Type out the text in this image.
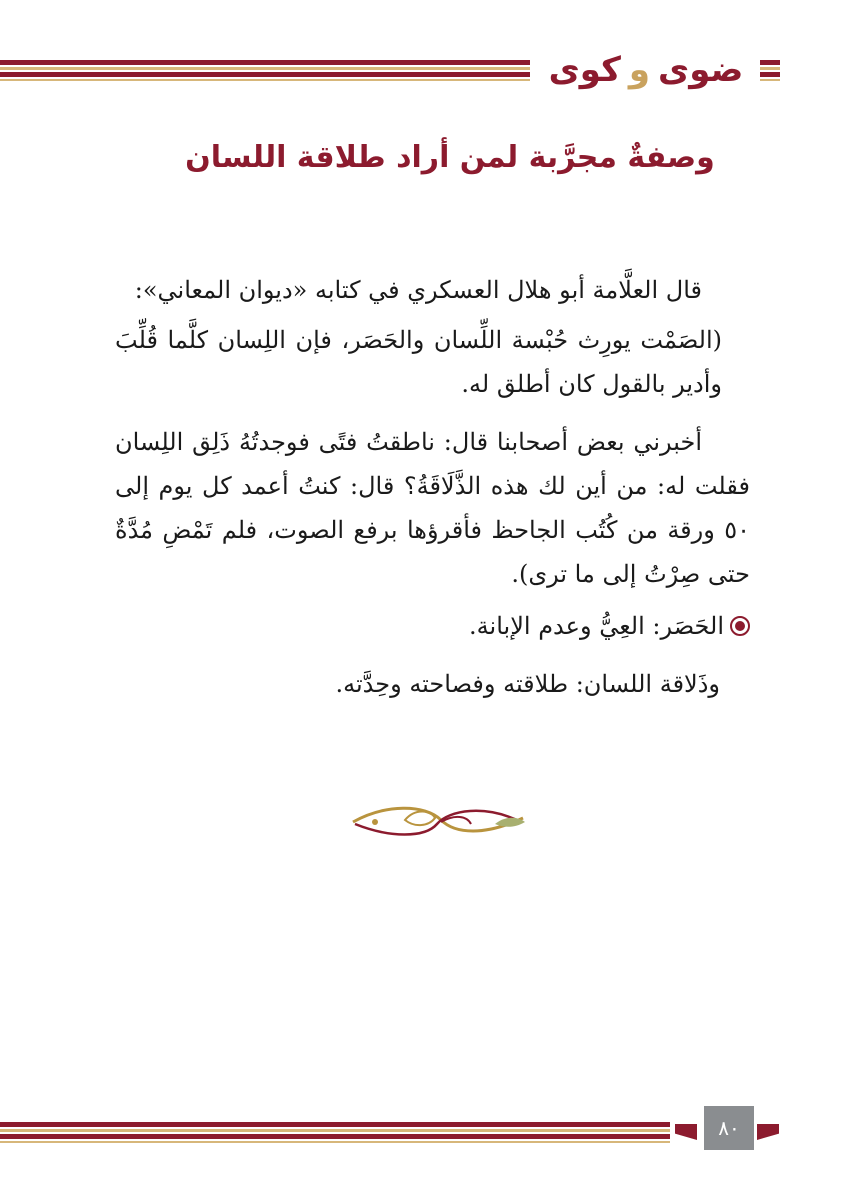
ضوى
و
كوى
وصفةٌ مجرَّبة لمن أراد طلاقة اللسان

قال العلَّامة أبو هلال العسكري في كتابه «ديوان المعاني»:

(الصَمْت يورِث حُبْسة اللِّسان والحَصَر، فإن اللِسان كلَّما قُلِّبَ وأدير بالقول كان أطلق له.

أخبرني بعض أصحابنا قال: ناطقتُ فتًى فوجدتُهُ ذَلِق اللِسان فقلت له: من أين لك هذه الذَّلَاقَةُ؟ قال: كنتُ أعمد كل يوم إلى ٥٠ ورقة من كُتُب الجاحظ فأقرؤها برفع الصوت، فلم تَمْضِ مُدَّةٌ حتى صِرْتُ إلى ما ترى).

الحَصَر: العِيُّ وعدم الإبانة.
وذَلاقة اللسان: طلاقته وفصاحته وحِدَّته.
٨٠
